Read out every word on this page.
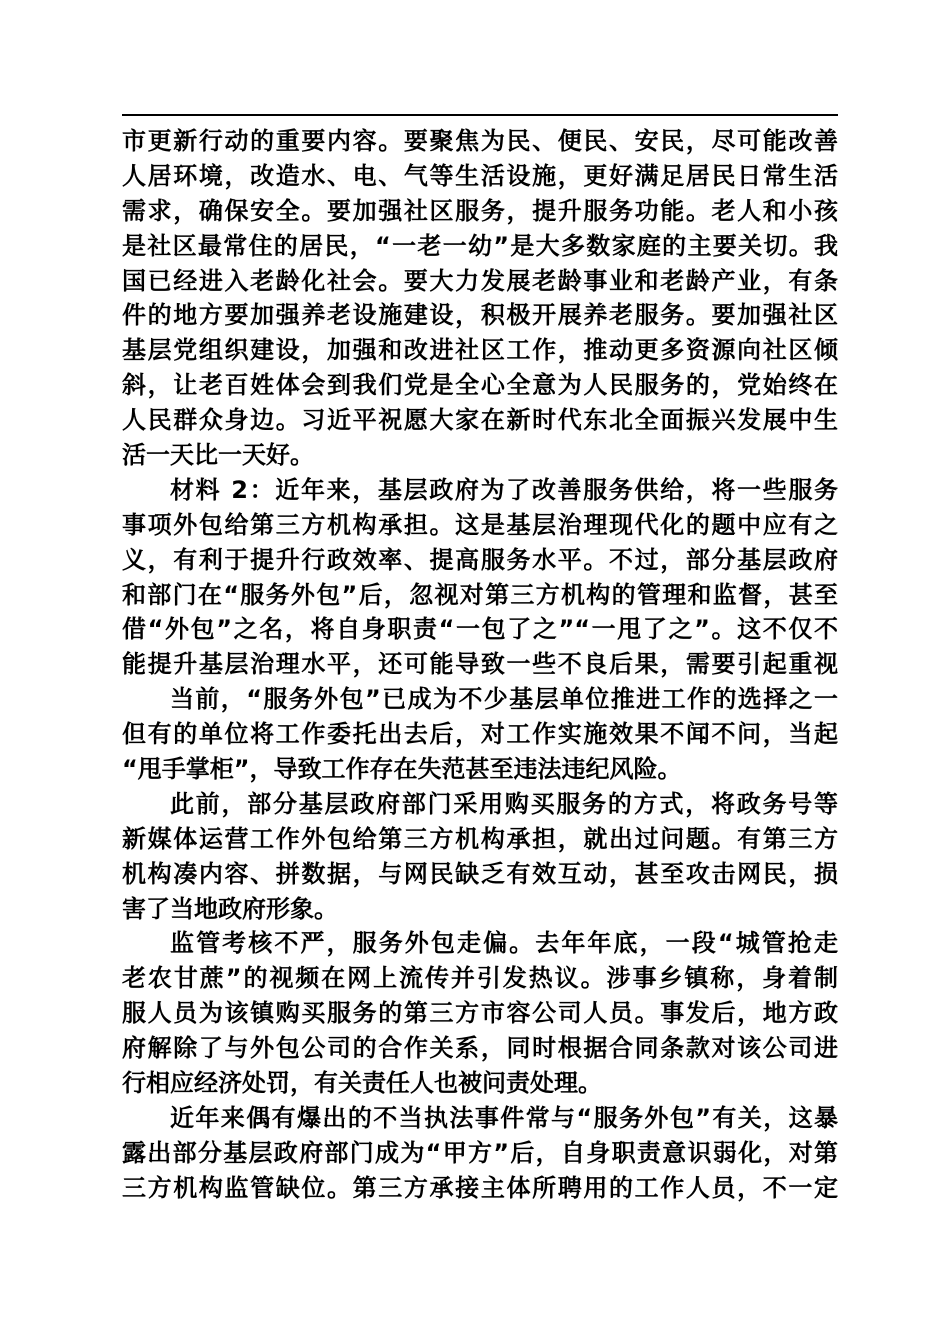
市更新行动的重要内容。要聚焦为民、便民、安民，尽可能改善

人居环境，改造水、电、气等生活设施，更好满足居民日常生活

需求，确保安全。要加强社区服务，提升服务功能。老人和小孩

是社区最常住的居民，“一老一幼”是大多数家庭的主要关切。我

国已经进入老龄化社会。要大力发展老龄事业和老龄产业，有条

件的地方要加强养老设施建设，积极开展养老服务。要加强社区

基层党组织建设，加强和改进社区工作，推动更多资源向社区倾

斜，让老百姓体会到我们党是全心全意为人民服务的，党始终在

人民群众身边。习近平祝愿大家在新时代东北全面振兴发展中生

活一天比一天好。

材料 2：近年来，基层政府为了改善服务供给，将一些服务

事项外包给第三方机构承担。这是基层治理现代化的题中应有之

义，有利于提升行政效率、提高服务水平。不过，部分基层政府

和部门在“服务外包”后，忽视对第三方机构的管理和监督，甚至

借“外包”之名，将自身职责“一包了之”“一甩了之”。这不仅不

能提升基层治理水平，还可能导致一些不良后果，需要引起重视

当前，“服务外包”已成为不少基层单位推进工作的选择之一

但有的单位将工作委托出去后，对工作实施效果不闻不问，当起

“甩手掌柜”，导致工作存在失范甚至违法违纪风险。

此前，部分基层政府部门采用购买服务的方式，将政务号等

新媒体运营工作外包给第三方机构承担，就出过问题。有第三方

机构凑内容、拼数据，与网民缺乏有效互动，甚至攻击网民，损

害了当地政府形象。

监管考核不严，服务外包走偏。去年年底，一段“城管抢走

老农甘蔗”的视频在网上流传并引发热议。涉事乡镇称，身着制

服人员为该镇购买服务的第三方市容公司人员。事发后，地方政

府解除了与外包公司的合作关系，同时根据合同条款对该公司进

行相应经济处罚，有关责任人也被问责处理。

近年来偶有爆出的不当执法事件常与“服务外包”有关，这暴

露出部分基层政府部门成为“甲方”后，自身职责意识弱化，对第

三方机构监管缺位。第三方承接主体所聘用的工作人员，不一定
